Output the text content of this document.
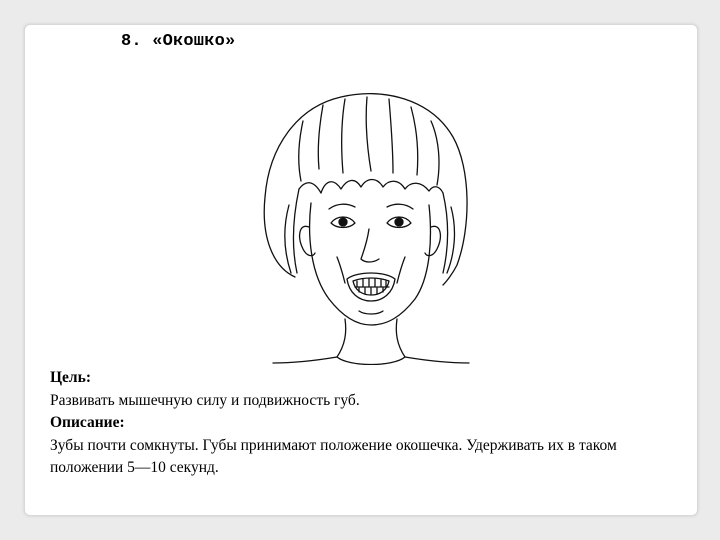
8. «Окошко»

Цель:

Развивать мышечную силу и подвижность губ.

Описание:

Зубы почти сомкнуты. Губы принимают положение окошечка. Удерживать их в таком положении 5—10 секунд.
